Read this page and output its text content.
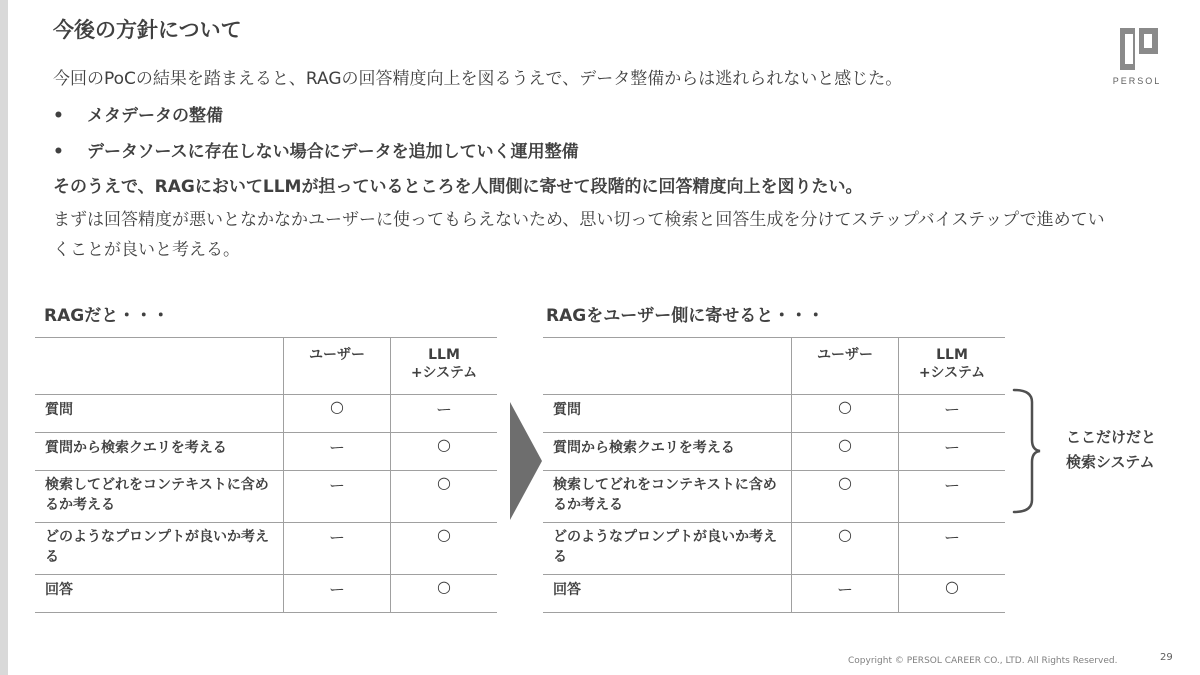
今後の方針について
PERSOL
今回のPoCの結果を踏まえると、RAGの回答精度向上を図るうえで、データ整備からは逃れられないと感じた。
• メタデータの整備
• データソースに存在しない場合にデータを追加していく運用整備
そのうえで、RAGにおいてLLMが担っているところを人間側に寄せて段階的に回答精度向上を図りたい。
まずは回答精度が悪いとなかなかユーザーに使ってもらえないため、思い切って検索と回答生成を分けてステップバイステップで進めていくことが良いと考える。
RAGだと・・・	RAGをユーザー側に寄せると・・・
	ユーザー	LLM
+システム
質問	○	ー
質問から検索クエリを考える	ー	○
検索してどれをコンテキストに含めるか考える	ー	○
どのようなプロンプトが良いか考える	ー	○
回答	ー	○
	ユーザー	LLM
+システム
質問	○	ー
質問から検索クエリを考える	○	ー
検索してどれをコンテキストに含めるか考える	○	ー
どのようなプロンプトが良いか考える	○	ー
回答	ー	○
ここだけだと
検索システム
Copyright © PERSOL CAREER CO., LTD. All Rights Reserved.	29
